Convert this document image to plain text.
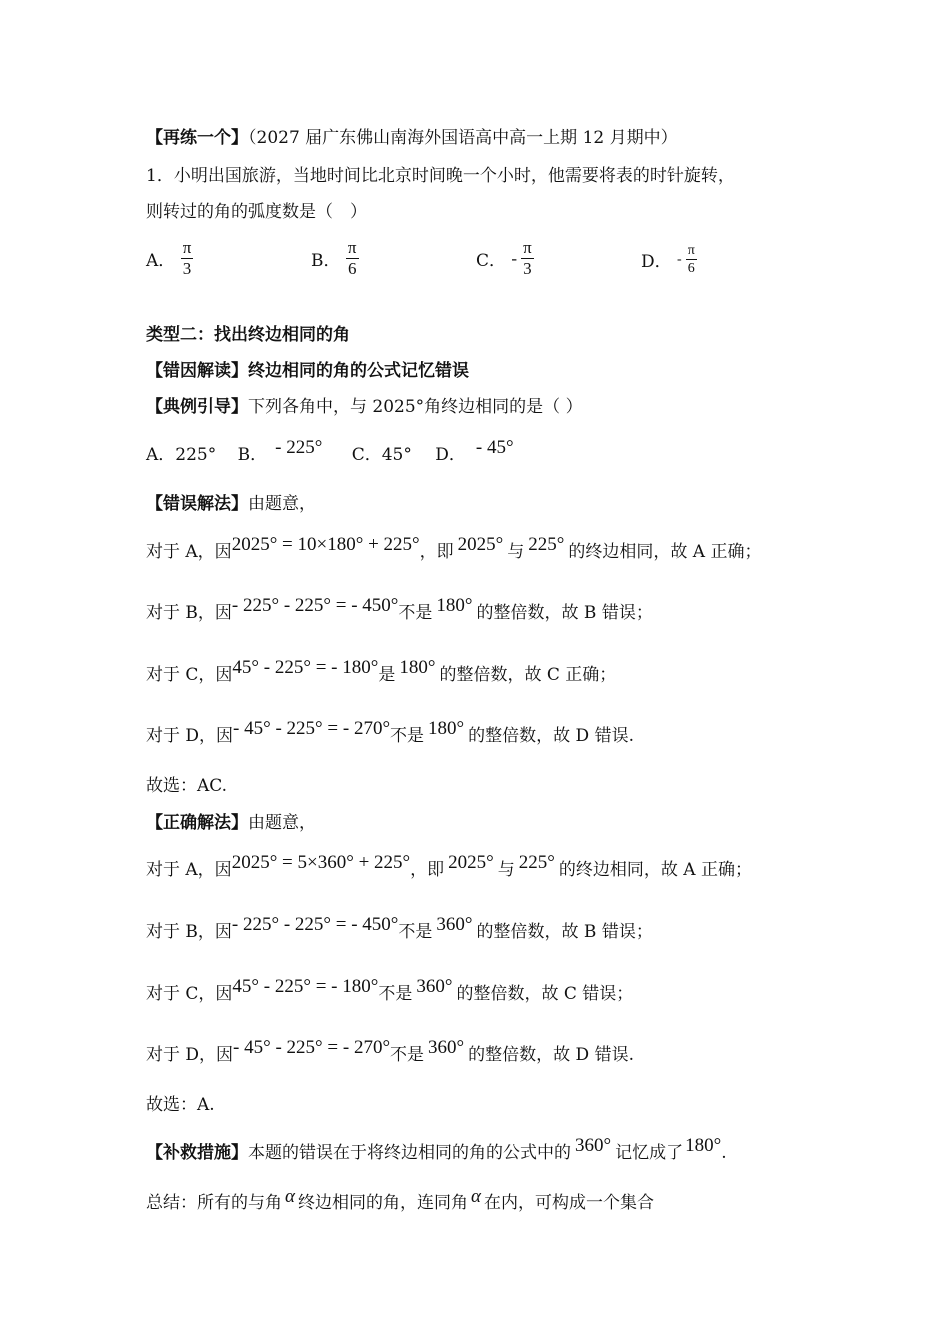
【再练一个】（2027 届广东佛山南海外国语高中高一上期 12 月期中）
1．小明出国旅游，当地时间比北京时间晚一个小时，他需要将表的时针旋转，
则转过的角的弧度数是（　）
A． $\frac{\pi}{3}$	B． $\frac{\pi}{6}$	C． - $\frac{\pi}{3}$	D． - $\frac{\pi}{6}$
类型二：找出终边相同的角
【错因解读】终边相同的角的公式记忆错误
【典例引导】下列各角中，与 2025°角终边相同的是（ ）
A．225° B． - 225° C．45° D． - 45°
【错误解法】由题意，
对于 A，因2025° = 10×180° + 225°，即 2025° 与 225° 的终边相同，故 A 正确；
对于 B，因- 225° - 225° = - 450°不是 180° 的整倍数，故 B 错误；
对于 C，因45° - 225° = - 180°是 180° 的整倍数，故 C 正确；
对于 D，因- 45° - 225° = - 270°不是 180° 的整倍数，故 D 错误.
故选：AC.
【正确解法】由题意，
对于 A，因2025° = 5×360° + 225°，即 2025° 与 225° 的终边相同，故 A 正确；
对于 B，因- 225° - 225° = - 450°不是 360° 的整倍数，故 B 错误；
对于 C，因45° - 225° = - 180°不是 360° 的整倍数，故 C 错误；
对于 D，因- 45° - 225° = - 270°不是 360° 的整倍数，故 D 错误.
故选：A.
【补救措施】本题的错误在于将终边相同的角的公式中的 360° 记忆成了 180°.
总结：所有的与角 α 终边相同的角，连同角 α 在内，可构成一个集合
